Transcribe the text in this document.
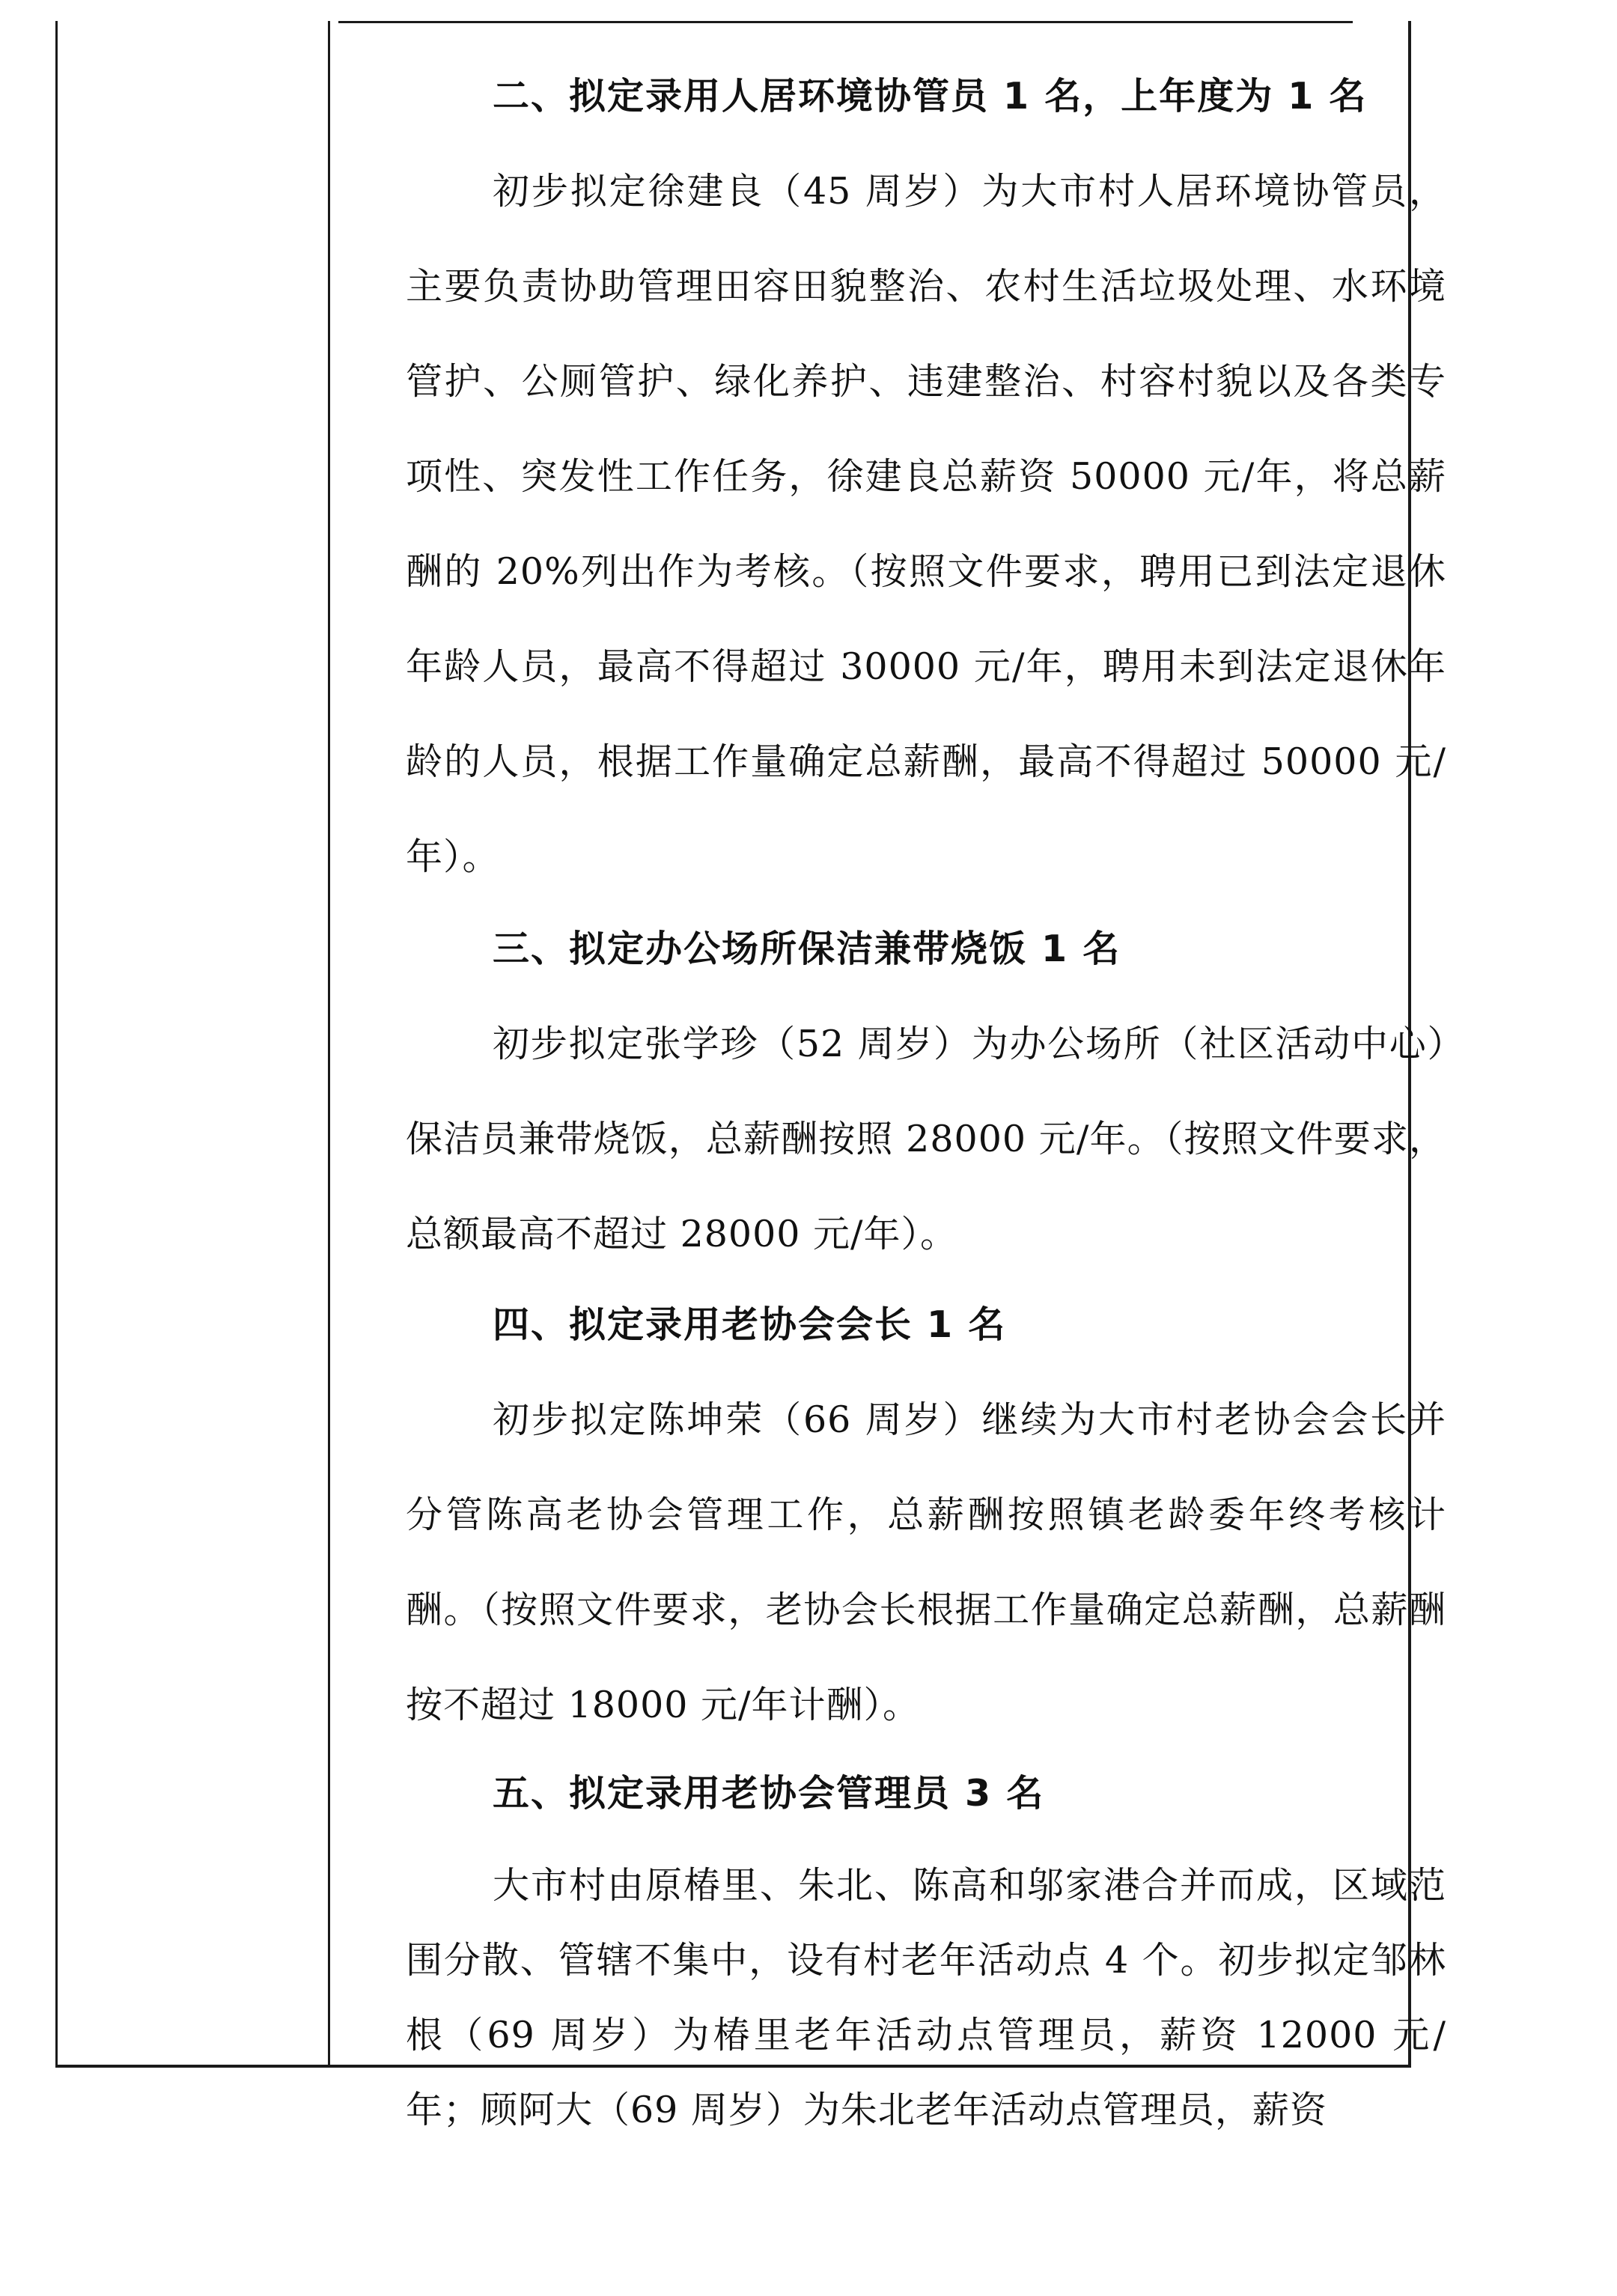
二、拟定录用人居环境协管员 1 名，上年度为 1 名

初步拟定徐建良（45 周岁）为大市村人居环境协管员，主要负责协助管理田容田貌整治、农村生活垃圾处理、水环境管护、公厕管护、绿化养护、违建整治、村容村貌以及各类专项性、突发性工作任务，徐建良总薪资 50000 元/年，将总薪酬的 20%列出作为考核。（按照文件要求，聘用已到法定退休年龄人员，最高不得超过 30000 元/年，聘用未到法定退休年龄的人员，根据工作量确定总薪酬，最高不得超过 50000 元/年）。

三、拟定办公场所保洁兼带烧饭 1 名

初步拟定张学珍（52 周岁）为办公场所（社区活动中心）保洁员兼带烧饭，总薪酬按照 28000 元/年。（按照文件要求，总额最高不超过 28000 元/年）。

四、拟定录用老协会会长 1 名

初步拟定陈坤荣（66 周岁）继续为大市村老协会会长并分管陈高老协会管理工作，总薪酬按照镇老龄委年终考核计酬。（按照文件要求，老协会长根据工作量确定总薪酬，总薪酬按不超过 18000 元/年计酬）。

五、拟定录用老协会管理员 3 名

大市村由原椿里、朱北、陈高和邬家港合并而成，区域范围分散、管辖不集中，设有村老年活动点 4 个。初步拟定邹林根（69 周岁）为椿里老年活动点管理员，薪资 12000 元/年；顾阿大（69 周岁）为朱北老年活动点管理员，薪资
